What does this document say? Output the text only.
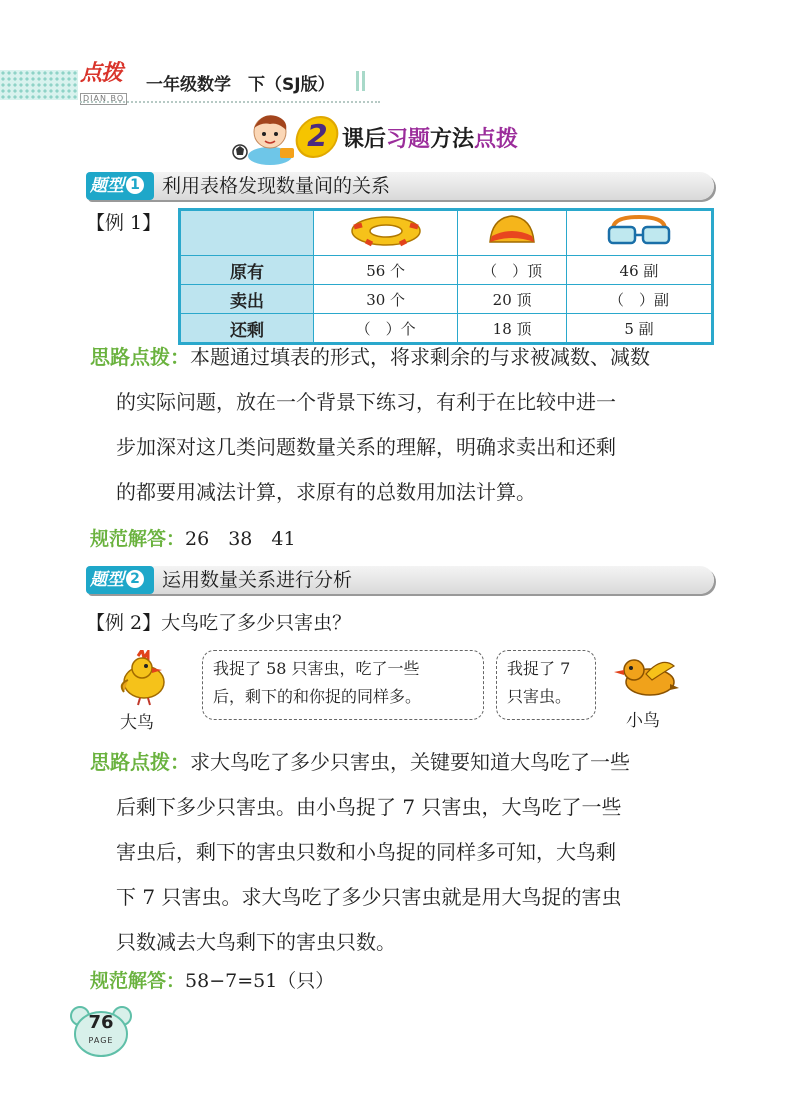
点拨
DIAN BO
一年级数学　下（SJ版）
2 课后习题方法点拨
题型 1	利用表格发现数量间的关系
【例 1】

原有	56 个	（　）顶	46 副
卖出	30 个	20 顶	（　）副
还剩	（　）个	18 顶	5 副
思路点拨：本题通过填表的形式，将求剩余的与求被减数、减数
的实际问题，放在一个背景下练习，有利于在比较中进一
步加深对这几类问题数量关系的理解，明确求卖出和还剩
的都要用减法计算，求原有的总数用加法计算。
规范解答：26　38　41
题型 2	运用数量关系进行分析
【例 2】大鸟吃了多少只害虫？
大鸟
我捉了 58 只害虫，吃了一些
后，剩下的和你捉的同样多。
我捉了 7
只害虫。
小鸟
思路点拨：求大鸟吃了多少只害虫，关键要知道大鸟吃了一些
后剩下多少只害虫。由小鸟捉了 7 只害虫，大鸟吃了一些
害虫后，剩下的害虫只数和小鸟捉的同样多可知，大鸟剩
下 7 只害虫。求大鸟吃了多少只害虫就是用大鸟捉的害虫
只数减去大鸟剩下的害虫只数。
规范解答：58−7=51（只）
76
PAGE
